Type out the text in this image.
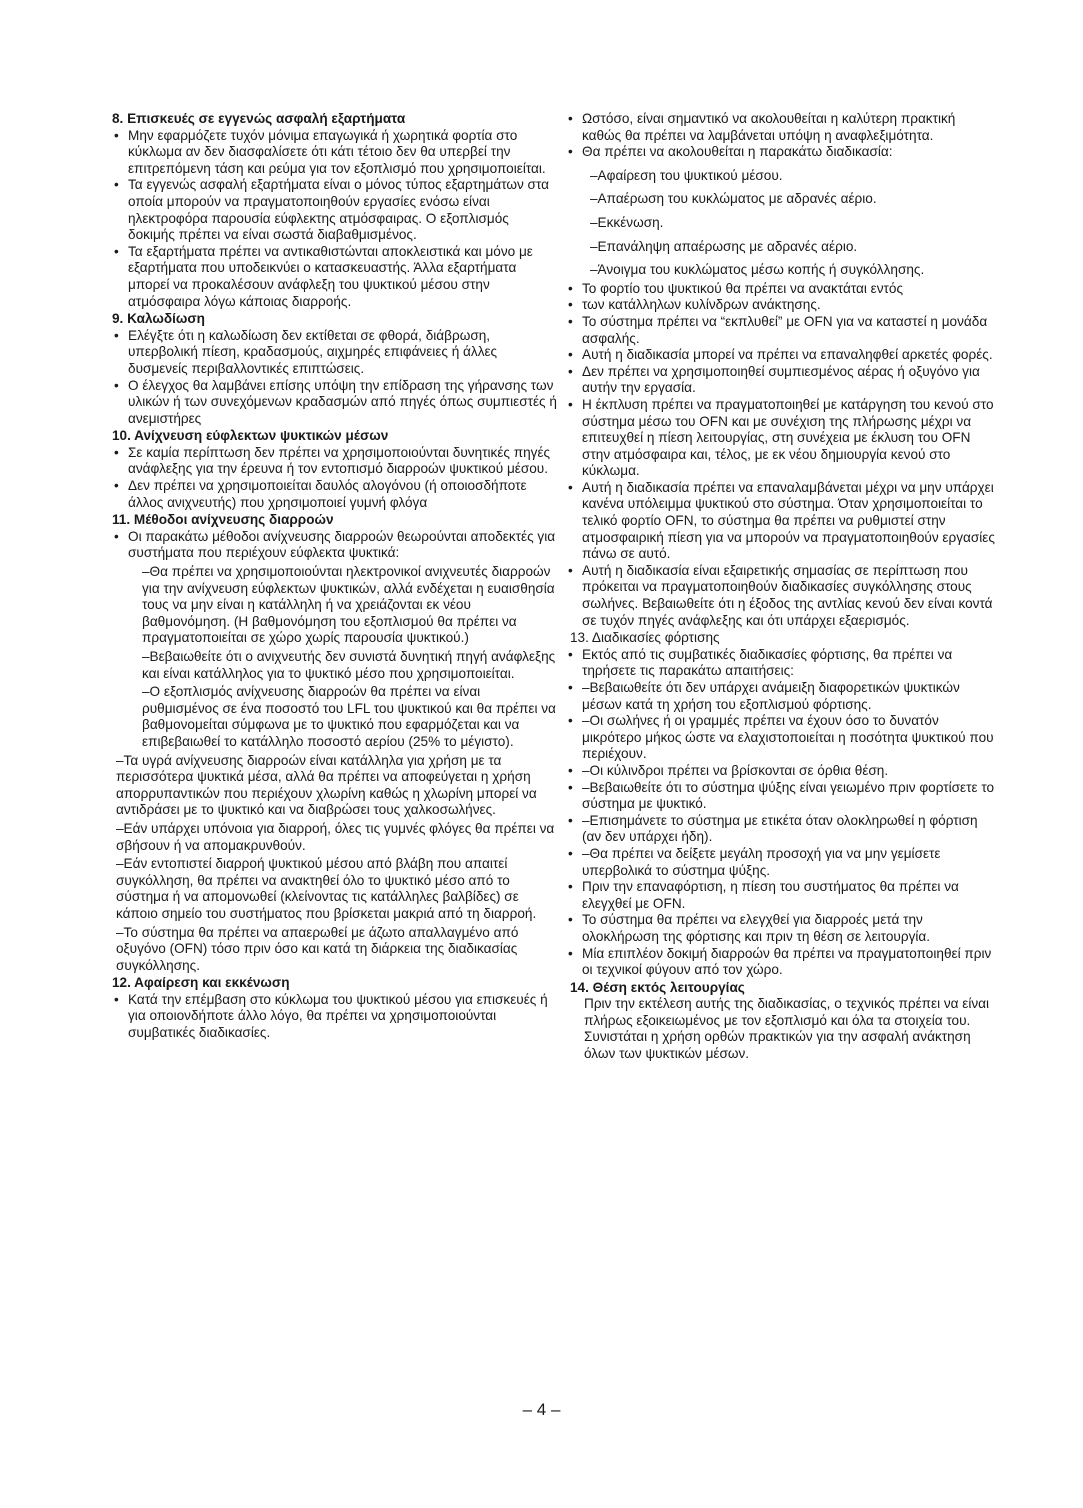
8. Επισκευές σε εγγενώς ασφαλή εξαρτήματα
• Μην εφαρμόζετε τυχόν μόνιμα επαγωγικά ή χωρητικά φορτία στο κύκλωμα αν δεν διασφαλίσετε ότι κάτι τέτοιο δεν θα υπερβεί την επιτρεπόμενη τάση και ρεύμα για τον εξοπλισμό που χρησιμοποιείται.
• Τα εγγενώς ασφαλή εξαρτήματα είναι ο μόνος τύπος εξαρτημάτων στα οποία μπορούν να πραγματοποιηθούν εργασίες ενόσω είναι ηλεκτροφόρα παρουσία εύφλεκτης ατμόσφαιρας. Ο εξοπλισμός δοκιμής πρέπει να είναι σωστά διαβαθμισμένος.
• Τα εξαρτήματα πρέπει να αντικαθιστώνται αποκλειστικά και μόνο με εξαρτήματα που υποδεικνύει ο κατασκευαστής. Άλλα εξαρτήματα μπορεί να προκαλέσουν ανάφλεξη του ψυκτικού μέσου στην ατμόσφαιρα λόγω κάποιας διαρροής.
9. Καλωδίωση
• Ελέγξτε ότι η καλωδίωση δεν εκτίθεται σε φθορά, διάβρωση, υπερβολική πίεση, κραδασμούς, αιχμηρές επιφάνειες ή άλλες δυσμενείς περιβαλλοντικές επιπτώσεις.
• Ο έλεγχος θα λαμβάνει επίσης υπόψη την επίδραση της γήρανσης των υλικών ή των συνεχόμενων κραδασμών από πηγές όπως συμπιεστές ή ανεμιστήρες
10. Ανίχνευση εύφλεκτων ψυκτικών μέσων
• Σε καμία περίπτωση δεν πρέπει να χρησιμοποιούνται δυνητικές πηγές ανάφλεξης για την έρευνα ή τον εντοπισμό διαρροών ψυκτικού μέσου.
• Δεν πρέπει να χρησιμοποιείται δαυλός αλογόνου (ή οποιοσδήποτε άλλος ανιχνευτής) που χρησιμοποιεί γυμνή φλόγα
11. Μέθοδοι ανίχνευσης διαρροών
• Οι παρακάτω μέθοδοι ανίχνευσης διαρροών θεωρούνται αποδεκτές για συστήματα που περιέχουν εύφλεκτα ψυκτικά:
–Θα πρέπει να χρησιμοποιούνται ηλεκτρονικοί ανιχνευτές διαρροών για την ανίχνευση εύφλεκτων ψυκτικών, αλλά ενδέχεται η ευαισθησία τους να μην είναι η κατάλληλη ή να χρειάζονται εκ νέου βαθμονόμηση. (Η βαθμονόμηση του εξοπλισμού θα πρέπει να πραγματοποιείται σε χώρο χωρίς παρουσία ψυκτικού.)
–Βεβαιωθείτε ότι ο ανιχνευτής δεν συνιστά δυνητική πηγή ανάφλεξης και είναι κατάλληλος για το ψυκτικό μέσο που χρησιμοποιείται.
–Ο εξοπλισμός ανίχνευσης διαρροών θα πρέπει να είναι ρυθμισμένος σε ένα ποσοστό του LFL του ψυκτικού και θα πρέπει να βαθμονομείται σύμφωνα με το ψυκτικό που εφαρμόζεται και να επιβεβαιωθεί το κατάλληλο ποσοστό αερίου (25% το μέγιστο).
–Τα υγρά ανίχνευσης διαρροών είναι κατάλληλα για χρήση με τα περισσότερα ψυκτικά μέσα, αλλά θα πρέπει να αποφεύγεται η χρήση απορρυπαντικών που περιέχουν χλωρίνη καθώς η χλωρίνη μπορεί να αντιδράσει με το ψυκτικό και να διαβρώσει τους χαλκοσωλήνες.
–Εάν υπάρχει υπόνοια για διαρροή, όλες τις γυμνές φλόγες θα πρέπει να σβήσουν ή να απομακρυνθούν.
–Εάν εντοπιστεί διαρροή ψυκτικού μέσου από βλάβη που απαιτεί συγκόλληση, θα πρέπει να ανακτηθεί όλο το ψυκτικό μέσο από το σύστημα ή να απομονωθεί (κλείνοντας τις κατάλληλες βαλβίδες) σε κάποιο σημείο του συστήματος που βρίσκεται μακριά από τη διαρροή.
–Το σύστημα θα πρέπει να απαερωθεί με άζωτο απαλλαγμένο από οξυγόνο (OFN) τόσο πριν όσο και κατά τη διάρκεια της διαδικασίας συγκόλλησης.
12. Αφαίρεση και εκκένωση
• Κατά την επέμβαση στο κύκλωμα του ψυκτικού μέσου για επισκευές ή για οποιονδήποτε άλλο λόγο, θα πρέπει να χρησιμοποιούνται συμβατικές διαδικασίες.
• Ωστόσο, είναι σημαντικό να ακολουθείται η καλύτερη πρακτική καθώς θα πρέπει να λαμβάνεται υπόψη η αναφλεξιμότητα.
• Θα πρέπει να ακολουθείται η παρακάτω διαδικασία:
–Αφαίρεση του ψυκτικού μέσου.
–Απαέρωση του κυκλώματος με αδρανές αέριο.
–Εκκένωση.
–Επανάληψη απαέρωσης με αδρανές αέριο.
–Άνοιγμα του κυκλώματος μέσω κοπής ή συγκόλλησης.
• Το φορτίο του ψυκτικού θα πρέπει να ανακτάται εντός
• των κατάλληλων κυλίνδρων ανάκτησης.
• Το σύστημα πρέπει να “εκπλυθεί” με OFN για να καταστεί η μονάδα ασφαλής.
• Αυτή η διαδικασία μπορεί να πρέπει να επαναληφθεί αρκετές φορές.
• Δεν πρέπει να χρησιμοποιηθεί συμπιεσμένος αέρας ή οξυγόνο για αυτήν την εργασία.
• Η έκπλυση πρέπει να πραγματοποιηθεί με κατάργηση του κενού στο σύστημα μέσω του OFN και με συνέχιση της πλήρωσης μέχρι να επιτευχθεί η πίεση λειτουργίας, στη συνέχεια με έκλυση του OFN στην ατμόσφαιρα και, τέλος, με εκ νέου δημιουργία κενού στο κύκλωμα.
• Αυτή η διαδικασία πρέπει να επαναλαμβάνεται μέχρι να μην υπάρχει κανένα υπόλειμμα ψυκτικού στο σύστημα. Όταν χρησιμοποιείται το τελικό φορτίο OFN, το σύστημα θα πρέπει να ρυθμιστεί στην ατμοσφαιρική πίεση για να μπορούν να πραγματοποιηθούν εργασίες πάνω σε αυτό.
• Αυτή η διαδικασία είναι εξαιρετικής σημασίας σε περίπτωση που πρόκειται να πραγματοποιηθούν διαδικασίες συγκόλλησης στους σωλήνες. Βεβαιωθείτε ότι η έξοδος της αντλίας κενού δεν είναι κοντά σε τυχόν πηγές ανάφλεξης και ότι υπάρχει εξαερισμός.
13. Διαδικασίες φόρτισης
• Εκτός από τις συμβατικές διαδικασίες φόρτισης, θα πρέπει να τηρήσετε τις παρακάτω απαιτήσεις:
• –Βεβαιωθείτε ότι δεν υπάρχει ανάμειξη διαφορετικών ψυκτικών μέσων κατά τη χρήση του εξοπλισμού φόρτισης.
• –Οι σωλήνες ή οι γραμμές πρέπει να έχουν όσο το δυνατόν μικρότερο μήκος ώστε να ελαχιστοποιείται η ποσότητα ψυκτικού που περιέχουν.
• –Οι κύλινδροι πρέπει να βρίσκονται σε όρθια θέση.
• –Βεβαιωθείτε ότι το σύστημα ψύξης είναι γειωμένο πριν φορτίσετε το σύστημα με ψυκτικό.
• –Επισημάνετε το σύστημα με ετικέτα όταν ολοκληρωθεί η φόρτιση (αν δεν υπάρχει ήδη).
• –Θα πρέπει να δείξετε μεγάλη προσοχή για να μην γεμίσετε υπερβολικά το σύστημα ψύξης.
• Πριν την επαναφόρτιση, η πίεση του συστήματος θα πρέπει να ελεγχθεί με OFN.
• Το σύστημα θα πρέπει να ελεγχθεί για διαρροές μετά την ολοκλήρωση της φόρτισης και πριν τη θέση σε λειτουργία.
• Μία επιπλέον δοκιμή διαρροών θα πρέπει να πραγματοποιηθεί πριν οι τεχνικοί φύγουν από τον χώρο.
14. Θέση εκτός λειτουργίας
Πριν την εκτέλεση αυτής της διαδικασίας, ο τεχνικός πρέπει να είναι πλήρως εξοικειωμένος με τον εξοπλισμό και όλα τα στοιχεία του. Συνιστάται η χρήση ορθών πρακτικών για την ασφαλή ανάκτηση όλων των ψυκτικών μέσων.
– 4 –
